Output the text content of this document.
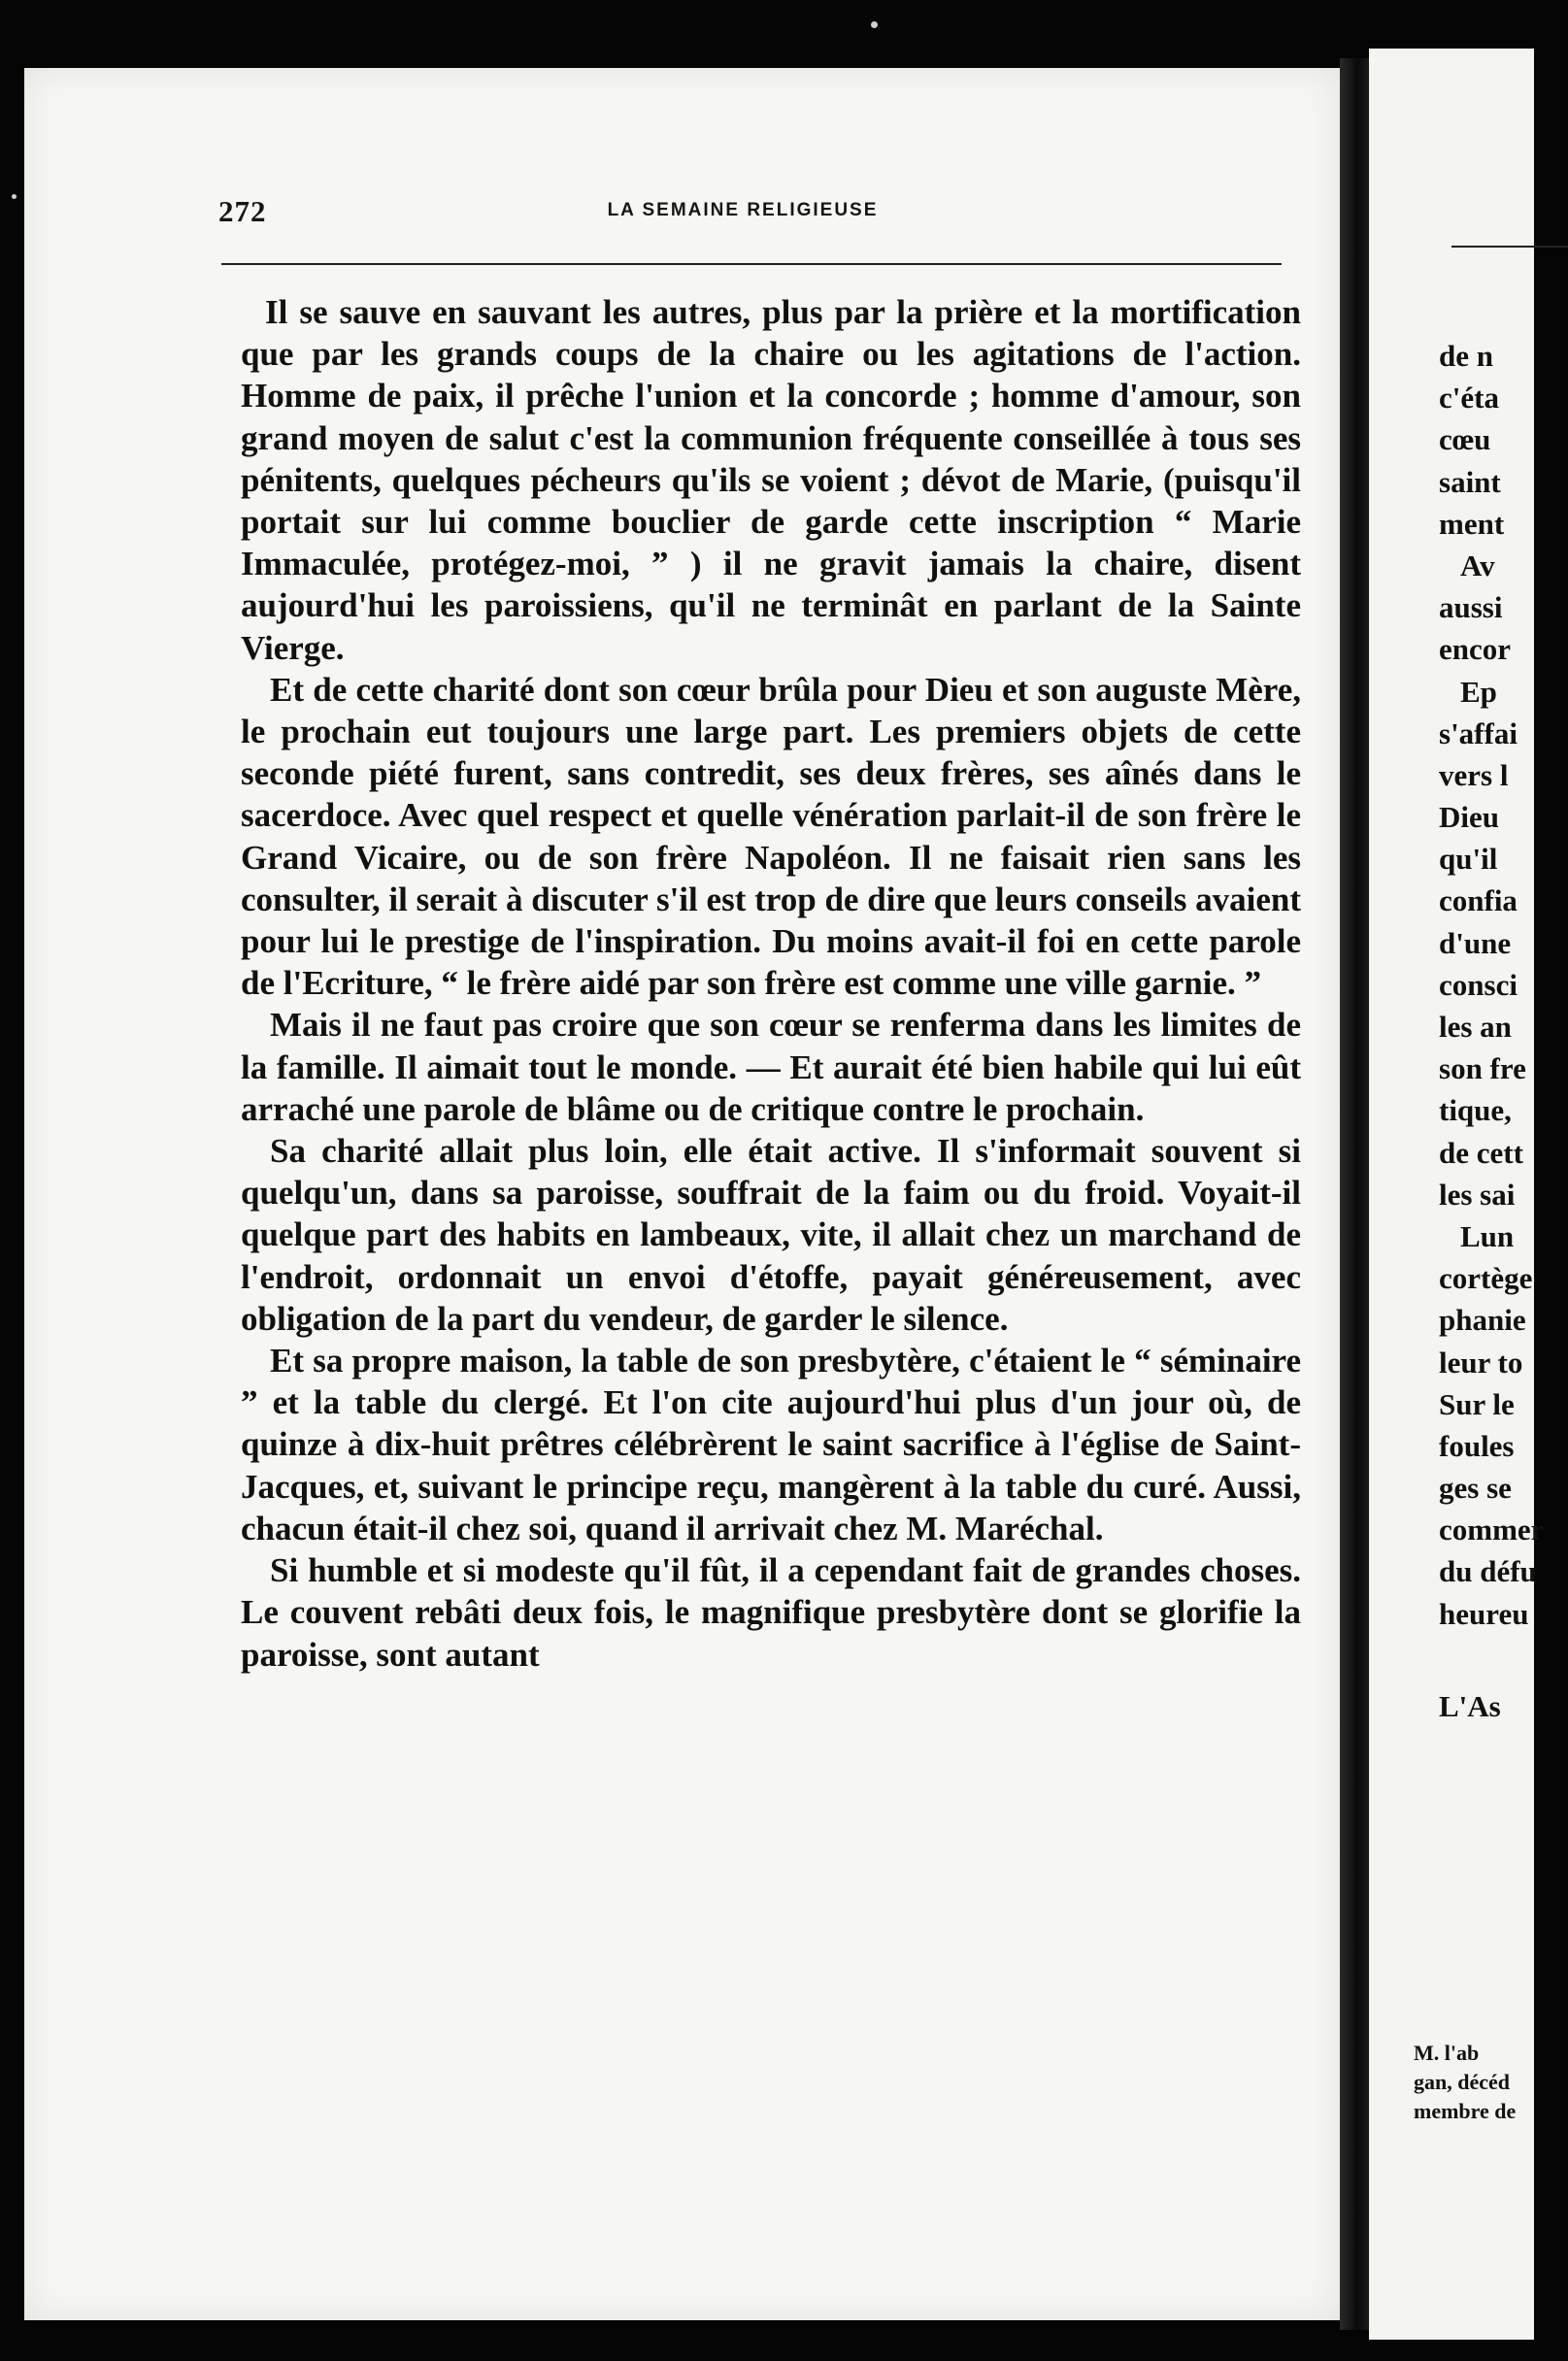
de n
c'éta
cœu
saint
ment
Av
aussi
encor
Ep
s'affai
vers l
Dieu
qu'il
confia
d'une
consci
les an
son fre
tique,
de cett
les sai
Lun
cortège
phanie
leur to
Sur le
foules
ges se
commer
du défu
heureu
L'As
M. l'ab
gan, décéd
membre de
272	LA SEMAINE RELIGIEUSE

Il se sauve en sauvant les autres, plus par la prière et la mortification que par les grands coups de la chaire ou les agitations de l'action. Homme de paix, il prêche l'union et la concorde ; homme d'amour, son grand moyen de salut c'est la communion fréquente conseillée à tous ses pénitents, quelques pécheurs qu'ils se voient ; dévot de Marie, (puisqu'il portait sur lui comme bouclier de garde cette inscription “ Marie Immaculée, protégez-moi, ” ) il ne gravit jamais la chaire, disent aujourd'hui les paroissiens, qu'il ne terminât en parlant de la Sainte Vierge.

Et de cette charité dont son cœur brûla pour Dieu et son auguste Mère, le prochain eut toujours une large part. Les premiers objets de cette seconde piété furent, sans contredit, ses deux frères, ses aînés dans le sacerdoce. Avec quel respect et quelle vénération parlait-il de son frère le Grand Vicaire, ou de son frère Napoléon. Il ne faisait rien sans les consulter, il serait à discuter s'il est trop de dire que leurs conseils avaient pour lui le prestige de l'inspiration. Du moins avait-il foi en cette parole de l'Ecriture, “ le frère aidé par son frère est comme une ville garnie. ”

Mais il ne faut pas croire que son cœur se renferma dans les limites de la famille. Il aimait tout le monde. — Et aurait été bien habile qui lui eût arraché une parole de blâme ou de critique contre le prochain.

Sa charité allait plus loin, elle était active. Il s'informait souvent si quelqu'un, dans sa paroisse, souffrait de la faim ou du froid. Voyait-il quelque part des habits en lambeaux, vite, il allait chez un marchand de l'endroit, ordonnait un envoi d'étoffe, payait généreusement, avec obligation de la part du vendeur, de garder le silence.

Et sa propre maison, la table de son presbytère, c'étaient le “ séminaire ” et la table du clergé. Et l'on cite aujourd'hui plus d'un jour où, de quinze à dix-huit prêtres célébrèrent le saint sacrifice à l'église de Saint-Jacques, et, suivant le principe reçu, mangèrent à la table du curé. Aussi, chacun était-il chez soi, quand il arrivait chez M. Maréchal.

Si humble et si modeste qu'il fût, il a cependant fait de grandes choses. Le couvent rebâti deux fois, le magnifique presbytère dont se glorifie la paroisse, sont autant
